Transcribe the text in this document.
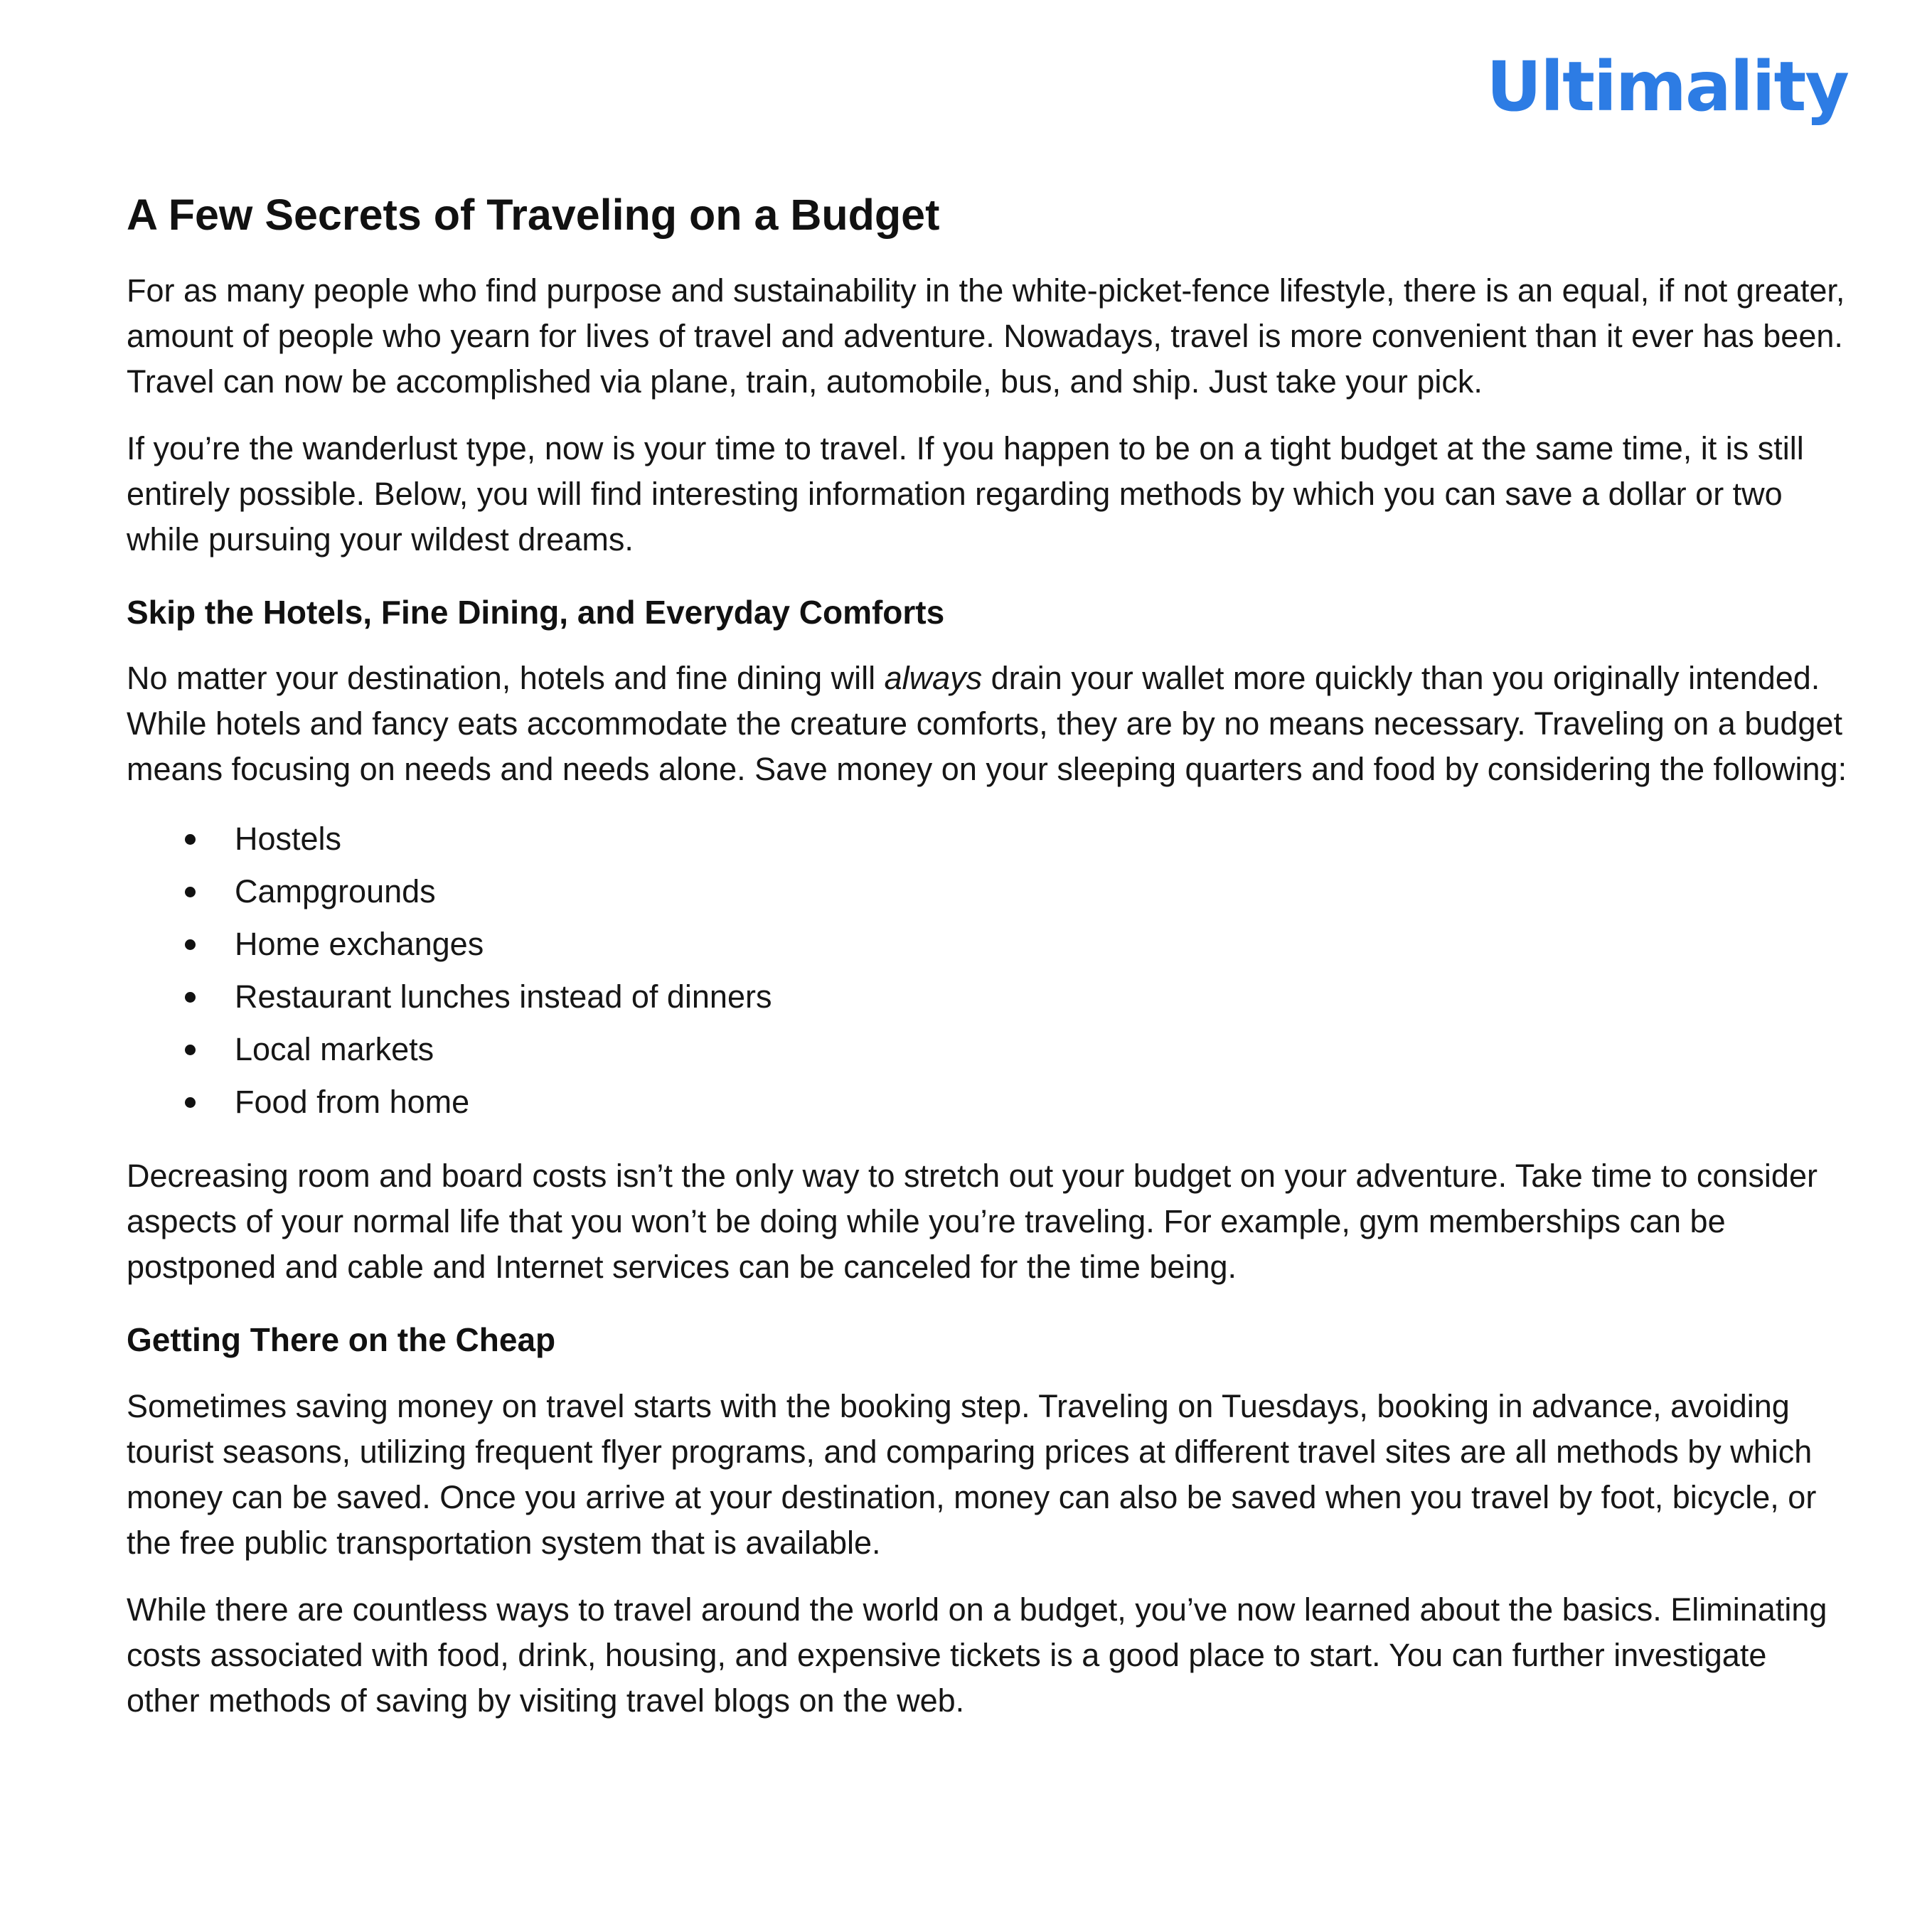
Ultimality
A Few Secrets of Traveling on a Budget

For as many people who find purpose and sustainability in the white-picket-fence lifestyle, there is an equal, if not greater, amount of people who yearn for lives of travel and adventure. Nowadays, travel is more convenient than it ever has been. Travel can now be accomplished via plane, train, automobile, bus, and ship. Just take your pick.

If you’re the wanderlust type, now is your time to travel. If you happen to be on a tight budget at the same time, it is still entirely possible. Below, you will find interesting information regarding methods by which you can save a dollar or two while pursuing your wildest dreams.

Skip the Hotels, Fine Dining, and Everyday Comforts

No matter your destination, hotels and fine dining will always drain your wallet more quickly than you originally intended. While hotels and fancy eats accommodate the creature comforts, they are by no means necessary. Traveling on a budget means focusing on needs and needs alone. Save money on your sleeping quarters and food by considering the following:

Hostels
Campgrounds
Home exchanges
Restaurant lunches instead of dinners
Local markets
Food from home

Decreasing room and board costs isn’t the only way to stretch out your budget on your adventure. Take time to consider aspects of your normal life that you won’t be doing while you’re traveling. For example, gym memberships can be postponed and cable and Internet services can be canceled for the time being.

Getting There on the Cheap

Sometimes saving money on travel starts with the booking step. Traveling on Tuesdays, booking in advance, avoiding tourist seasons, utilizing frequent flyer programs, and comparing prices at different travel sites are all methods by which money can be saved. Once you arrive at your destination, money can also be saved when you travel by foot, bicycle, or the free public transportation system that is available.

While there are countless ways to travel around the world on a budget, you’ve now learned about the basics. Eliminating costs associated with food, drink, housing, and expensive tickets is a good place to start. You can further investigate other methods of saving by visiting travel blogs on the web.
